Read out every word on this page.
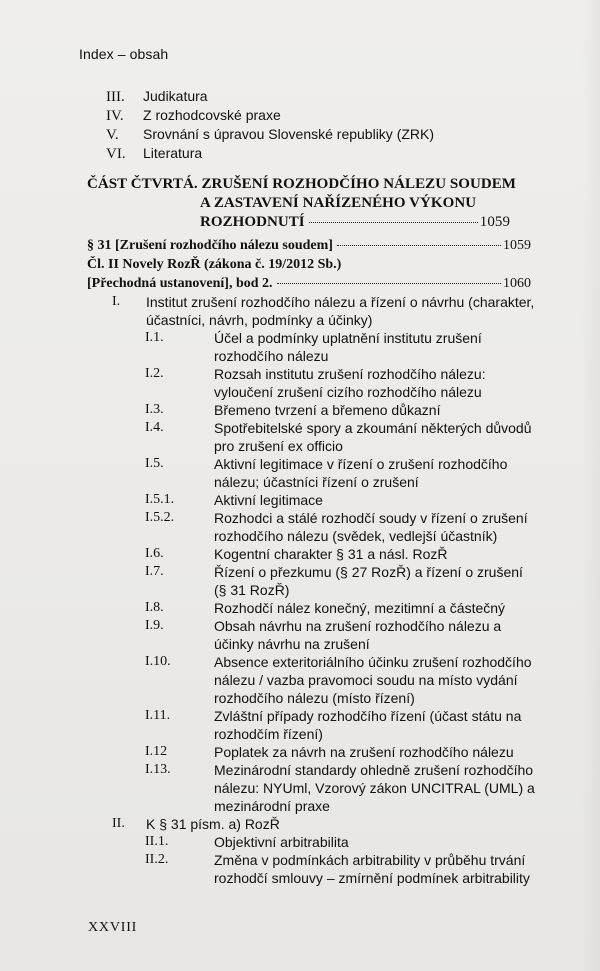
Index – obsah
III.	Judikatura
IV.	Z rozhodcovské praxe
V.	Srovnání s úpravou Slovenské republiky (ZRK)
VI.	Literatura
ČÁST ČTVRTÁ. ZRUŠENÍ ROZHODČÍHO NÁLEZU SOUDEM
A ZASTAVENÍ NAŘÍZENÉHO VÝKONU
ROZHODNUTÍ	1059
§ 31 [Zrušení rozhodčího nálezu soudem]	1059
Čl. II Novely RozŘ (zákona č. 19/2012 Sb.)
[Přechodná ustanovení], bod 2.	1060
I. Institut zrušení rozhodčího nálezu a řízení o návrhu (charakter, účastníci, návrh, podmínky a účinky)
I.1.	Účel a podmínky uplatnění institutu zrušení rozhodčího nálezu
I.2.	Rozsah institutu zrušení rozhodčího nálezu: vyloučení zrušení cizího rozhodčího nálezu
I.3.	Břemeno tvrzení a břemeno důkazní
I.4.	Spotřebitelské spory a zkoumání některých důvodů pro zrušení ex officio
I.5.	Aktivní legitimace v řízení o zrušení rozhodčího nálezu; účastníci řízení o zrušení
I.5.1.	Aktivní legitimace
I.5.2.	Rozhodci a stálé rozhodčí soudy v řízení o zrušení rozhodčího nálezu (svědek, vedlejší účastník)
I.6.	Kogentní charakter § 31 a násl. RozŘ
I.7.	Řízení o přezkumu (§ 27 RozŘ) a řízení o zrušení (§ 31 RozŘ)
I.8.	Rozhodčí nález konečný, mezitimní a částečný
I.9.	Obsah návrhu na zrušení rozhodčího nálezu a účinky návrhu na zrušení
I.10.	Absence exteritoriálního účinku zrušení rozhodčího nálezu / vazba pravomoci soudu na místo vydání rozhodčího nálezu (místo řízení)
I.11.	Zvláštní případy rozhodčího řízení (účast státu na rozhodčím řízení)
I.12	Poplatek za návrh na zrušení rozhodčího nálezu
I.13.	Mezinárodní standardy ohledně zrušení rozhodčího nálezu: NYUml, Vzorový zákon UNCITRAL (UML) a mezinárodní praxe
II. K § 31 písm. a) RozŘ
II.1.	Objektivní arbitrabilita
II.2.	Změna v podmínkách arbitrability v průběhu trvání rozhodčí smlouvy – zmírnění podmínek arbitrability
XXVIII
